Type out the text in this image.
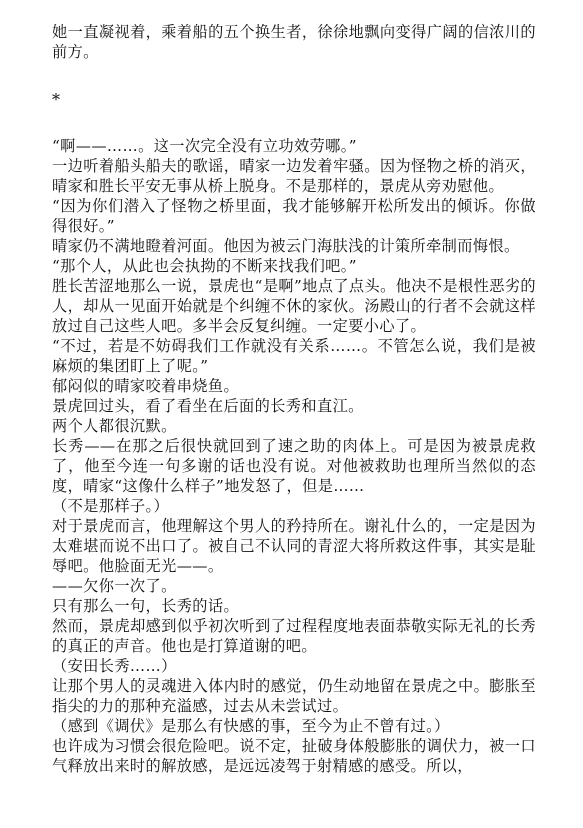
她一直凝视着，乘着船的五个换生者，徐徐地飘向变得广阔的信浓川的前方。

*

“啊——……。这一次完全没有立功效劳哪。”

一边听着船头船夫的歌谣，晴家一边发着牢骚。因为怪物之桥的消灭，晴家和胜长平安无事从桥上脱身。不是那样的，景虎从旁劝慰他。

“因为你们潜入了怪物之桥里面，我才能够解开松所发出的倾诉。你做得很好。”

晴家仍不满地瞪着河面。他因为被云门海肤浅的计策所牵制而悔恨。

“那个人，从此也会执拗的不断来找我们吧。”

胜长苦涩地那么一说，景虎也“是啊”地点了点头。他决不是根性恶劣的人，却从一见面开始就是个纠缠不休的家伙。汤殿山的行者不会就这样放过自己这些人吧。多半会反复纠缠。一定要小心了。

“不过，若是不妨碍我们工作就没有关系……。不管怎么说，我们是被麻烦的集团盯上了呢。”

郁闷似的晴家咬着串烧鱼。

景虎回过头，看了看坐在后面的长秀和直江。

两个人都很沉默。

长秀——在那之后很快就回到了速之助的肉体上。可是因为被景虎救了，他至今连一句多谢的话也没有说。对他被救助也理所当然似的态度，晴家“这像什么样子”地发怒了，但是……

（不是那样子。）

对于景虎而言，他理解这个男人的矜持所在。谢礼什么的，一定是因为太难堪而说不出口了。被自己不认同的青涩大将所救这件事，其实是耻辱吧。他脸面无光——。

——欠你一次了。

只有那么一句，长秀的话。

然而，景虎却感到似乎初次听到了过程程度地表面恭敬实际无礼的长秀的真正的声音。他也是打算道谢的吧。

（安田长秀……）

让那个男人的灵魂进入体内时的感觉，仍生动地留在景虎之中。膨胀至指尖的力的那种充溢感，过去从未尝试过。

（感到《调伏》是那么有快感的事，至今为止不曾有过。）

也许成为习惯会很危险吧。说不定，扯破身体般膨胀的调伏力，被一口气释放出来时的解放感，是远远凌驾于射精感的感受。所以，
